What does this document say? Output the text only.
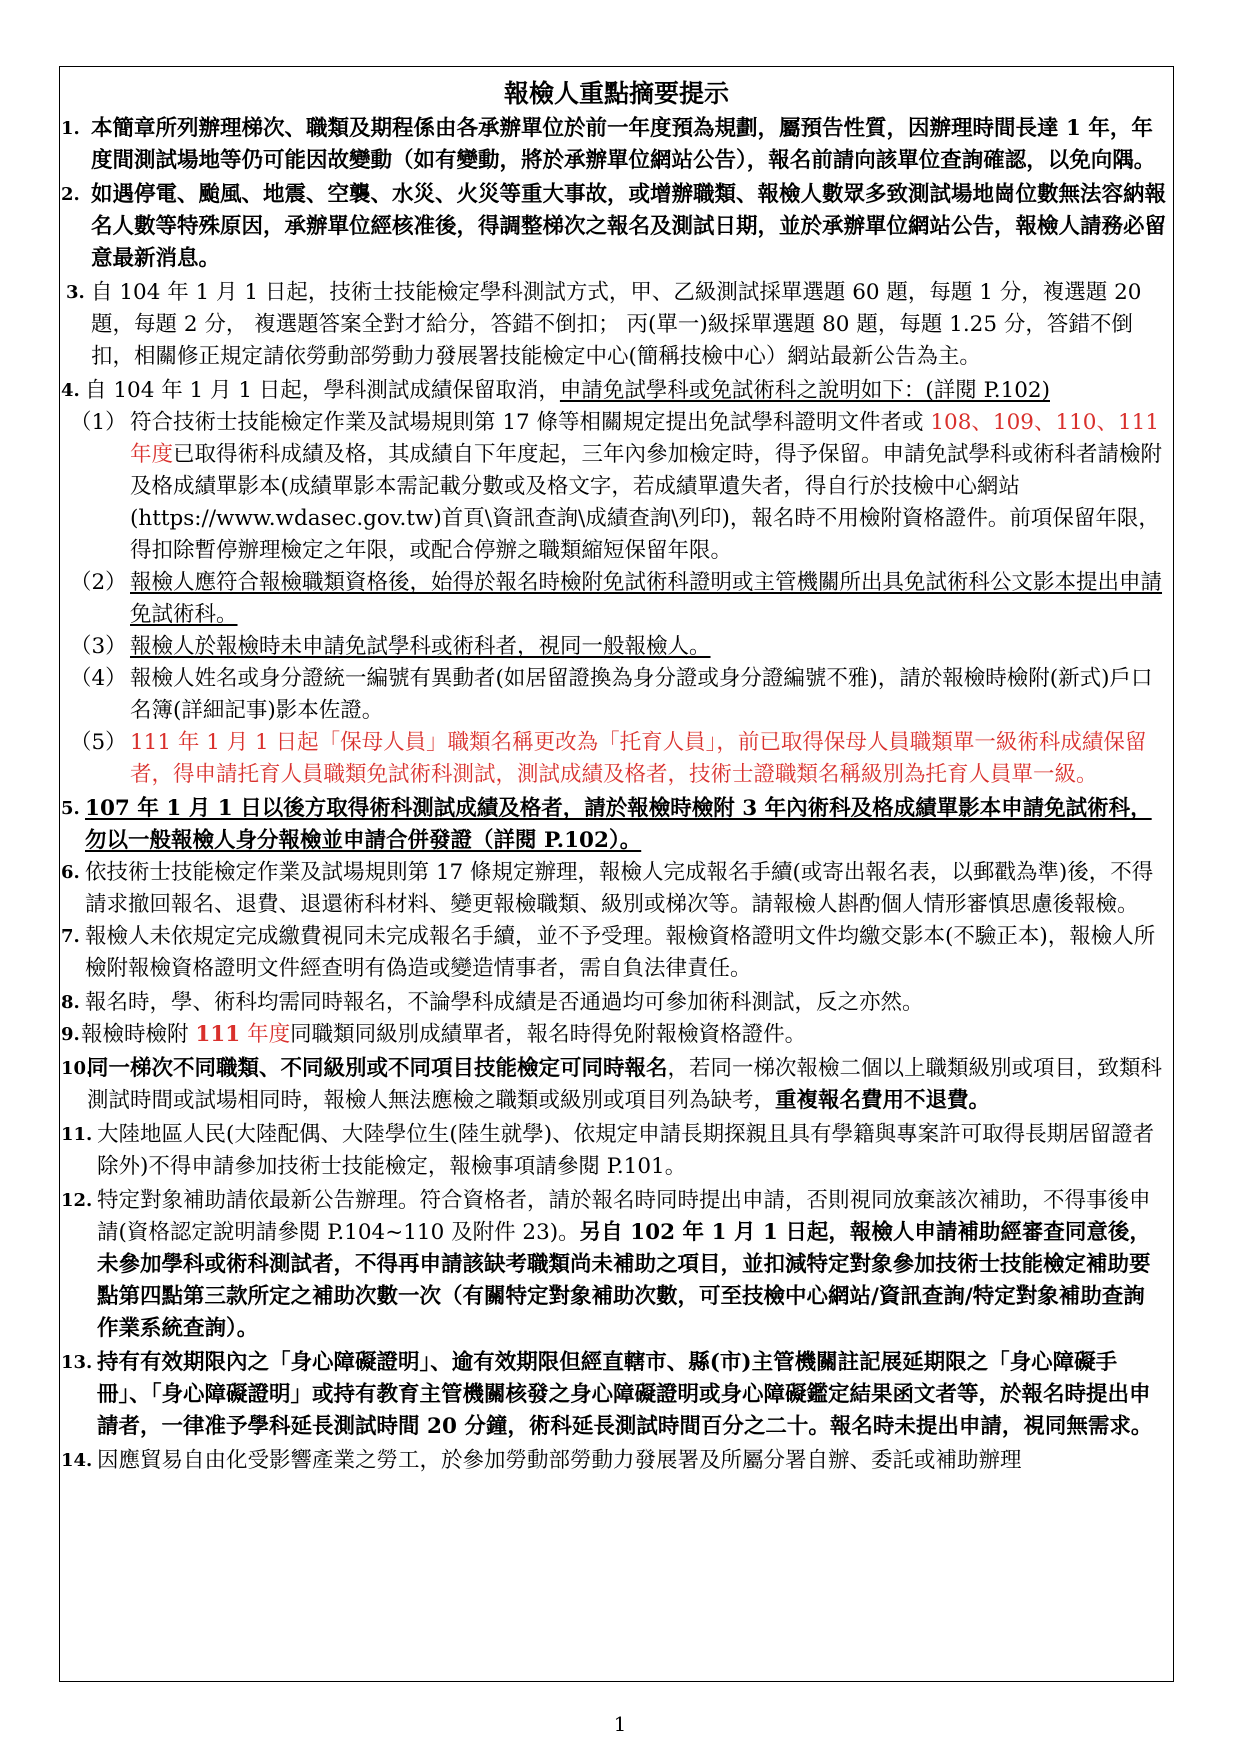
報檢人重點摘要提示
1. 本簡章所列辦理梯次、職類及期程係由各承辦單位於前一年度預為規劃，屬預告性質，因辦理時間長達 1 年，年度間測試場地等仍可能因故變動（如有變動，將於承辦單位網站公告），報名前請向該單位查詢確認，以免向隅。
2. 如遇停電、颱風、地震、空襲、水災、火災等重大事故，或增辦職類、報檢人數眾多致測試場地崗位數無法容納報名人數等特殊原因，承辦單位經核准後，得調整梯次之報名及測試日期，並於承辦單位網站公告，報檢人請務必留意最新消息。
3. 自 104 年 1 月 1 日起，技術士技能檢定學科測試方式，甲、乙級測試採單選題 60 題，每題 1 分，複選題 20 題，每題 2 分， 複選題答案全對才給分，答錯不倒扣； 丙(單一)級採單選題 80 題，每題 1.25 分，答錯不倒扣，相關修正規定請依勞動部勞動力發展署技能檢定中心(簡稱技檢中心）網站最新公告為主。
4. 自 104 年 1 月 1 日起，學科測試成績保留取消，申請免試學科或免試術科之說明如下：(詳閱 P.102)
（1） 符合技術士技能檢定作業及試場規則第 17 條等相關規定提出免試學科證明文件者或 108、109、110、111 年度已取得術科成績及格，其成績自下年度起，三年內參加檢定時，得予保留。申請免試學科或術科者請檢附及格成績單影本(成績單影本需記載分數或及格文字，若成績單遺失者，得自行於技檢中心網站(https://www.wdasec.gov.tw)首頁\資訊查詢\成績查詢\列印)，報名時不用檢附資格證件。前項保留年限，得扣除暫停辦理檢定之年限，或配合停辦之職類縮短保留年限。
（2） 報檢人應符合報檢職類資格後，始得於報名時檢附免試術科證明或主管機關所出具免試術科公文影本提出申請免試術科。
（3） 報檢人於報檢時未申請免試學科或術科者，視同一般報檢人。
（4） 報檢人姓名或身分證統一編號有異動者(如居留證換為身分證或身分證編號不雅)，請於報檢時檢附(新式)戶口名簿(詳細記事)影本佐證。
（5） 111 年 1 月 1 日起「保母人員」職類名稱更改為「托育人員」，前已取得保母人員職類單一級術科成績保留者，得申請托育人員職類免試術科測試，測試成績及格者，技術士證職類名稱級別為托育人員單一級。
5. 107 年 1 月 1 日以後方取得術科測試成績及格者，請於報檢時檢附 3 年內術科及格成績單影本申請免試術科，勿以一般報檢人身分報檢並申請合併發證（詳閱 P.102）。
6. 依技術士技能檢定作業及試場規則第 17 條規定辦理，報檢人完成報名手續(或寄出報名表，以郵戳為準)後，不得請求撤回報名、退費、退還術科材料、變更報檢職類、級別或梯次等。請報檢人斟酌個人情形審慎思慮後報檢。
7. 報檢人未依規定完成繳費視同未完成報名手續，並不予受理。報檢資格證明文件均繳交影本(不驗正本)，報檢人所檢附報檢資格證明文件經查明有偽造或變造情事者，需自負法律責任。
8. 報名時，學、術科均需同時報名，不論學科成績是否通過均可參加術科測試，反之亦然。
9. 報檢時檢附 111 年度同職類同級別成績單者，報名時得免附報檢資格證件。
10.
同一梯次不同職類、不同級別或不同項目技能檢定可同時報名，若同一梯次報檢二個以上職類級別或項目，致類科測試時間或試場相同時，報檢人無法應檢之職類或級別或項目列為缺考，重複報名費用不退費。
11. 大陸地區人民(大陸配偶、大陸學位生(陸生就學)、依規定申請長期探親且具有學籍與專案許可取得長期居留證者除外)不得申請參加技術士技能檢定，報檢事項請參閱 P.101。
12. 特定對象補助請依最新公告辦理。符合資格者，請於報名時同時提出申請，否則視同放棄該次補助，不得事後申請(資格認定說明請參閱 P.104~110 及附件 23)。另自 102 年 1 月 1 日起，報檢人申請補助經審查同意後，未參加學科或術科測試者，不得再申請該缺考職類尚未補助之項目，並扣減特定對象參加技術士技能檢定補助要點第四點第三款所定之補助次數一次（有關特定對象補助次數，可至技檢中心網站/資訊查詢/特定對象補助查詢作業系統查詢）。
13. 持有有效期限內之「身心障礙證明」、逾有效期限但經直轄市、縣(市)主管機關註記展延期限之「身心障礙手冊」、「身心障礙證明」或持有教育主管機關核發之身心障礙證明或身心障礙鑑定結果函文者等，於報名時提出申請者，一律准予學科延長測試時間 20 分鐘，術科延長測試時間百分之二十。報名時未提出申請，視同無需求。
14. 因應貿易自由化受影響產業之勞工，於參加勞動部勞動力發展署及所屬分署自辦、委託或補助辦理
1
